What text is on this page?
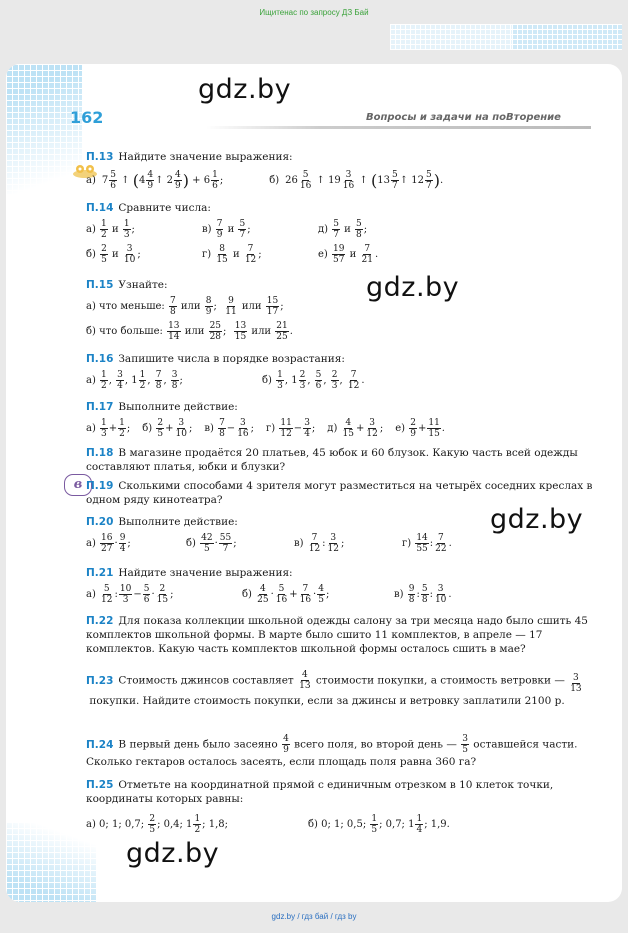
Ищитенас по запросу ДЗ Бай
162	Вопросы и задачи на поВторение
в
П.13 Найдите значение выражения:
а) 7 5
6
↑ ( 4 4
9
↑ 2 4
9 ) + 6 1
6
;	б) 26 5
16
↑ 19 3
16
↑ ( 13 5
7
↑ 12 5
7 ) .
П.14 Сравните числа:
а) 1
2
и 1
3
;	в) 7
9
и 5
7
;	д) 5
7
и 5
8
;
б) 2
5
и 3
10
;	г) 8
15
и 7
12
;	е) 19
57
и 7
21
.
П.15 Узнайте:
а) что меньше:
7
8

или
8
9
; 9
11

или
15
17
;
б) что больше:
13
14

или
25
28
; 13
15

или
21
25
.
П.16 Запишите числа в порядке возрастания:
а) 1
2
, 3
4
, 1 1
2
, 7
8
, 3
8
;	б) 1
3
, 1 2
3
, 5
6
, 2
3
, 7
12
.
П.17 Выполните действие:
а) 1
3
+ 1
2
; б) 2
5
+ 3
10
; в) 7
8
− 3
16
; г) 11
12
− 3
4
; д) 4
15
+ 3
12
; е) 2
9
+ 11
15
.
П.18 В магазине продаётся 20 платьев, 45 юбок и 60 блузок. Какую часть всей одежды составляют платья, юбки и блузки?
П.19 Сколькими способами 4 зрителя могут разместиться на четырёх соседних креслах в одном ряду кинотеатра?
П.20 Выполните действие:
а) 16
27
· 9
4
;	б) 42
5
· 55
7
;	в) 7
12
: 3
12
;	г) 14
55
: 7
22
.
П.21 Найдите значение выражения:
а) 5
12
: 10
3
− 5
6
· 2
15
;	б) 4
25
· 5
16
+ 7
16
· 4
5
;	в) 9
8
: 5
8
: 3
10
.
П.22 Для показа коллекции школьной одежды салону за три месяца надо было сшить 45 комплектов школьной формы. В марте было сшито 11 комплектов, в апреле — 17 комплектов. Какую часть комплектов школьной формы осталось сшить в мае?
П.23 Стоимость джинсов составляет $\frac{4}{13}$ стоимости покупки, а стоимость ветровки — $\frac{3}{13}$
покупки. Найдите стоимость покупки, если за джинсы и ветровку заплатили 2100 р.
П.24 В первый день было засеяно $\frac{4}{9}$ всего поля, во второй день — $\frac{3}{5}$ оставшейся части. Сколько гектаров осталось засеять, если площадь поля равна 360 га?
П.25 Отметьте на координатной прямой с единичным отрезком в 10 клеток точки, координаты которых равны:
а) 0; 1; 0,7; 2
5
; 0,4; 1 1
2
; 1,8;	б) 0; 1; 0,5; 1
5
; 0,7; 1 1
4
; 1,9.
gdz.by
gdz.by
gdz.by
gdz.by
gdz.by / гдз бай / гдз by
